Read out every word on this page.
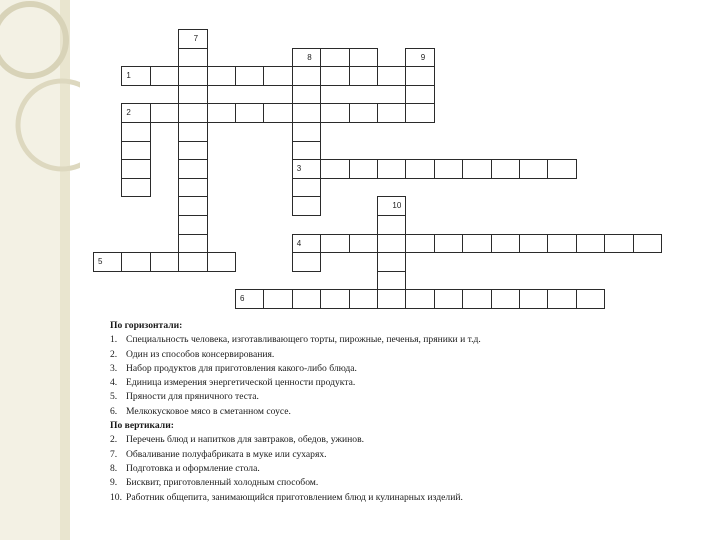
7
8	9
1
2
3
10
4
5
6
По горизонтали:
1. Специальность человека, изготавливающего торты, пирожные, печенья, пряники и т.д.
2. Один из способов консервирования.
3. Набор продуктов для приготовления какого-либо блюда.
4. Единица измерения энергетической ценности продукта.
5. Пряности для пряничного теста.
6. Мелкокусковое мясо в сметанном соусе.
По вертикали:
2. Перечень блюд и напитков для завтраков, обедов, ужинов.
7. Обваливание полуфабриката в муке или сухарях.
8. Подготовка и оформление стола.
9. Бисквит, приготовленный холодным способом.
10. Работник общепита, занимающийся приготовлением блюд и кулинарных изделий.
